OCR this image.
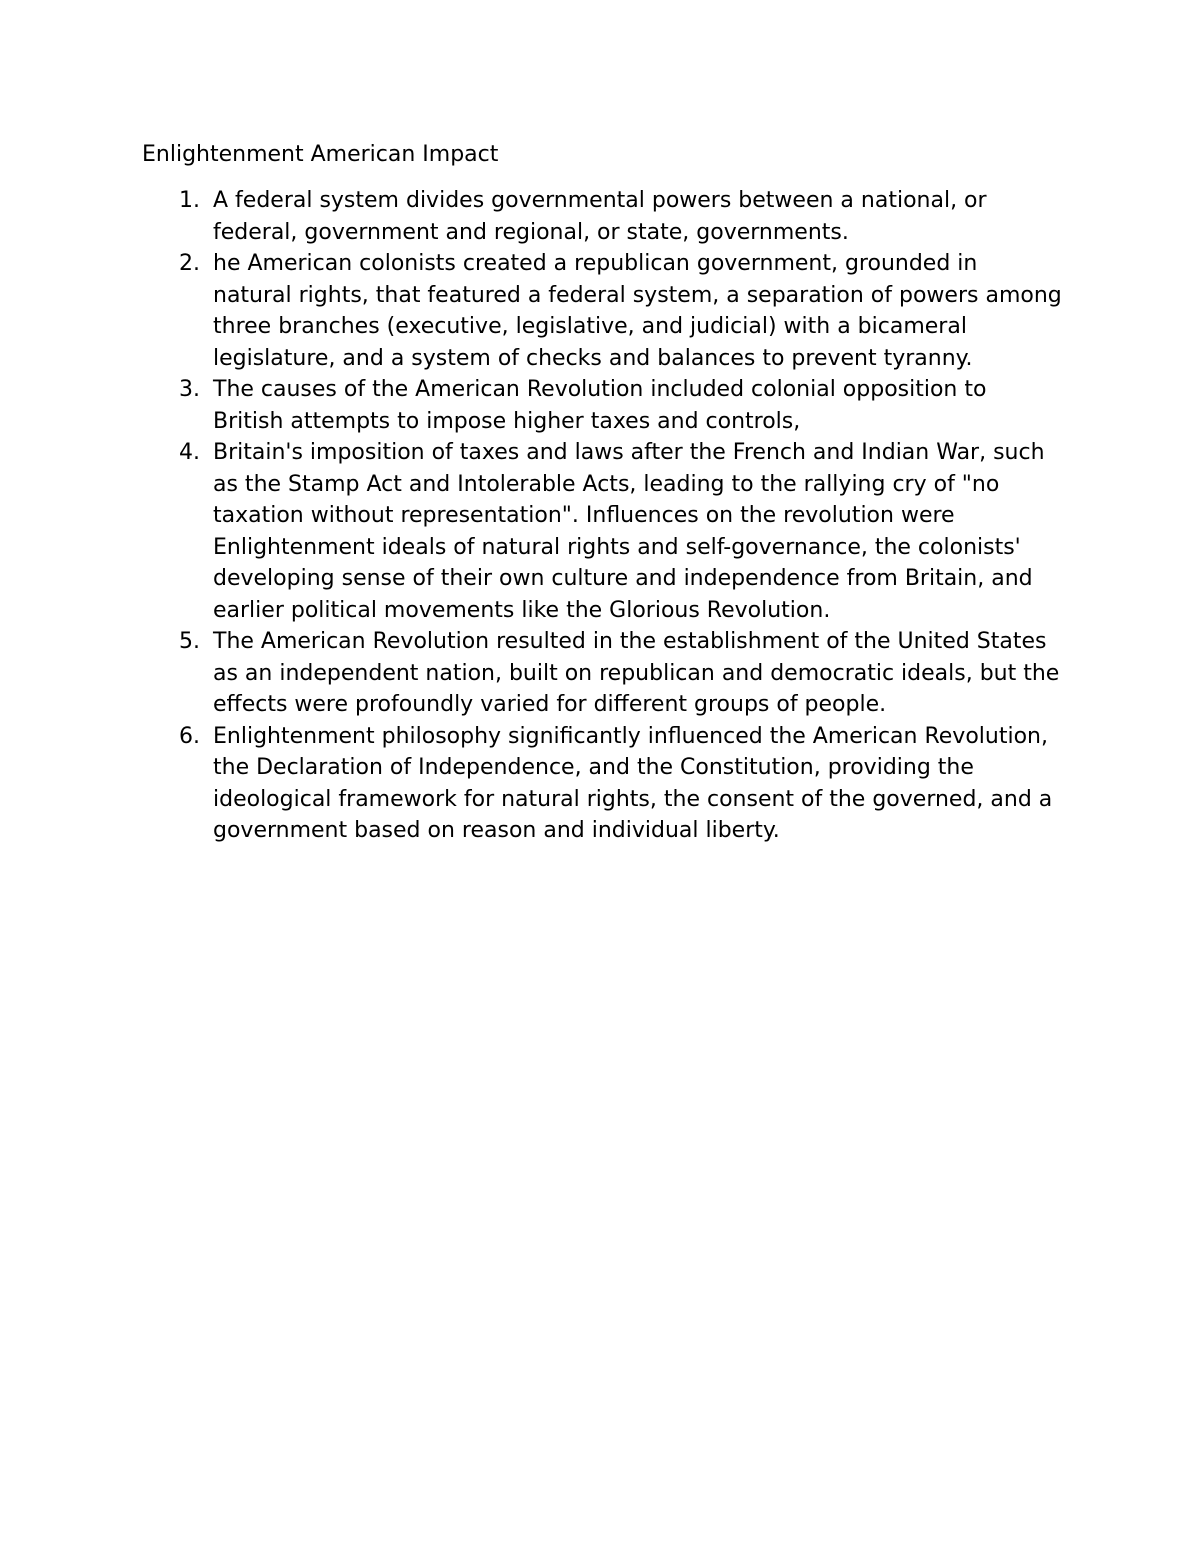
Enlightenment American Impact
1. A federal system divides governmental powers between a national, or federal, government and regional, or state, governments.
2. he American colonists created a republican government, grounded in natural rights, that featured a federal system, a separation of powers among three branches (executive, legislative, and judicial) with a bicameral legislature, and a system of checks and balances to prevent tyranny.
3. The causes of the American Revolution included colonial opposition to British attempts to impose higher taxes and controls,
4. Britain's imposition of taxes and laws after the French and Indian War, such as the Stamp Act and Intolerable Acts, leading to the rallying cry of "no taxation without representation". Influences on the revolution were Enlightenment ideals of natural rights and self-governance, the colonists' developing sense of their own culture and independence from Britain, and earlier political movements like the Glorious Revolution.
5. The American Revolution resulted in the establishment of the United States as an independent nation, built on republican and democratic ideals, but the effects were profoundly varied for different groups of people.
6. Enlightenment philosophy significantly influenced the American Revolution, the Declaration of Independence, and the Constitution, providing the ideological framework for natural rights, the consent of the governed, and a government based on reason and individual liberty.
